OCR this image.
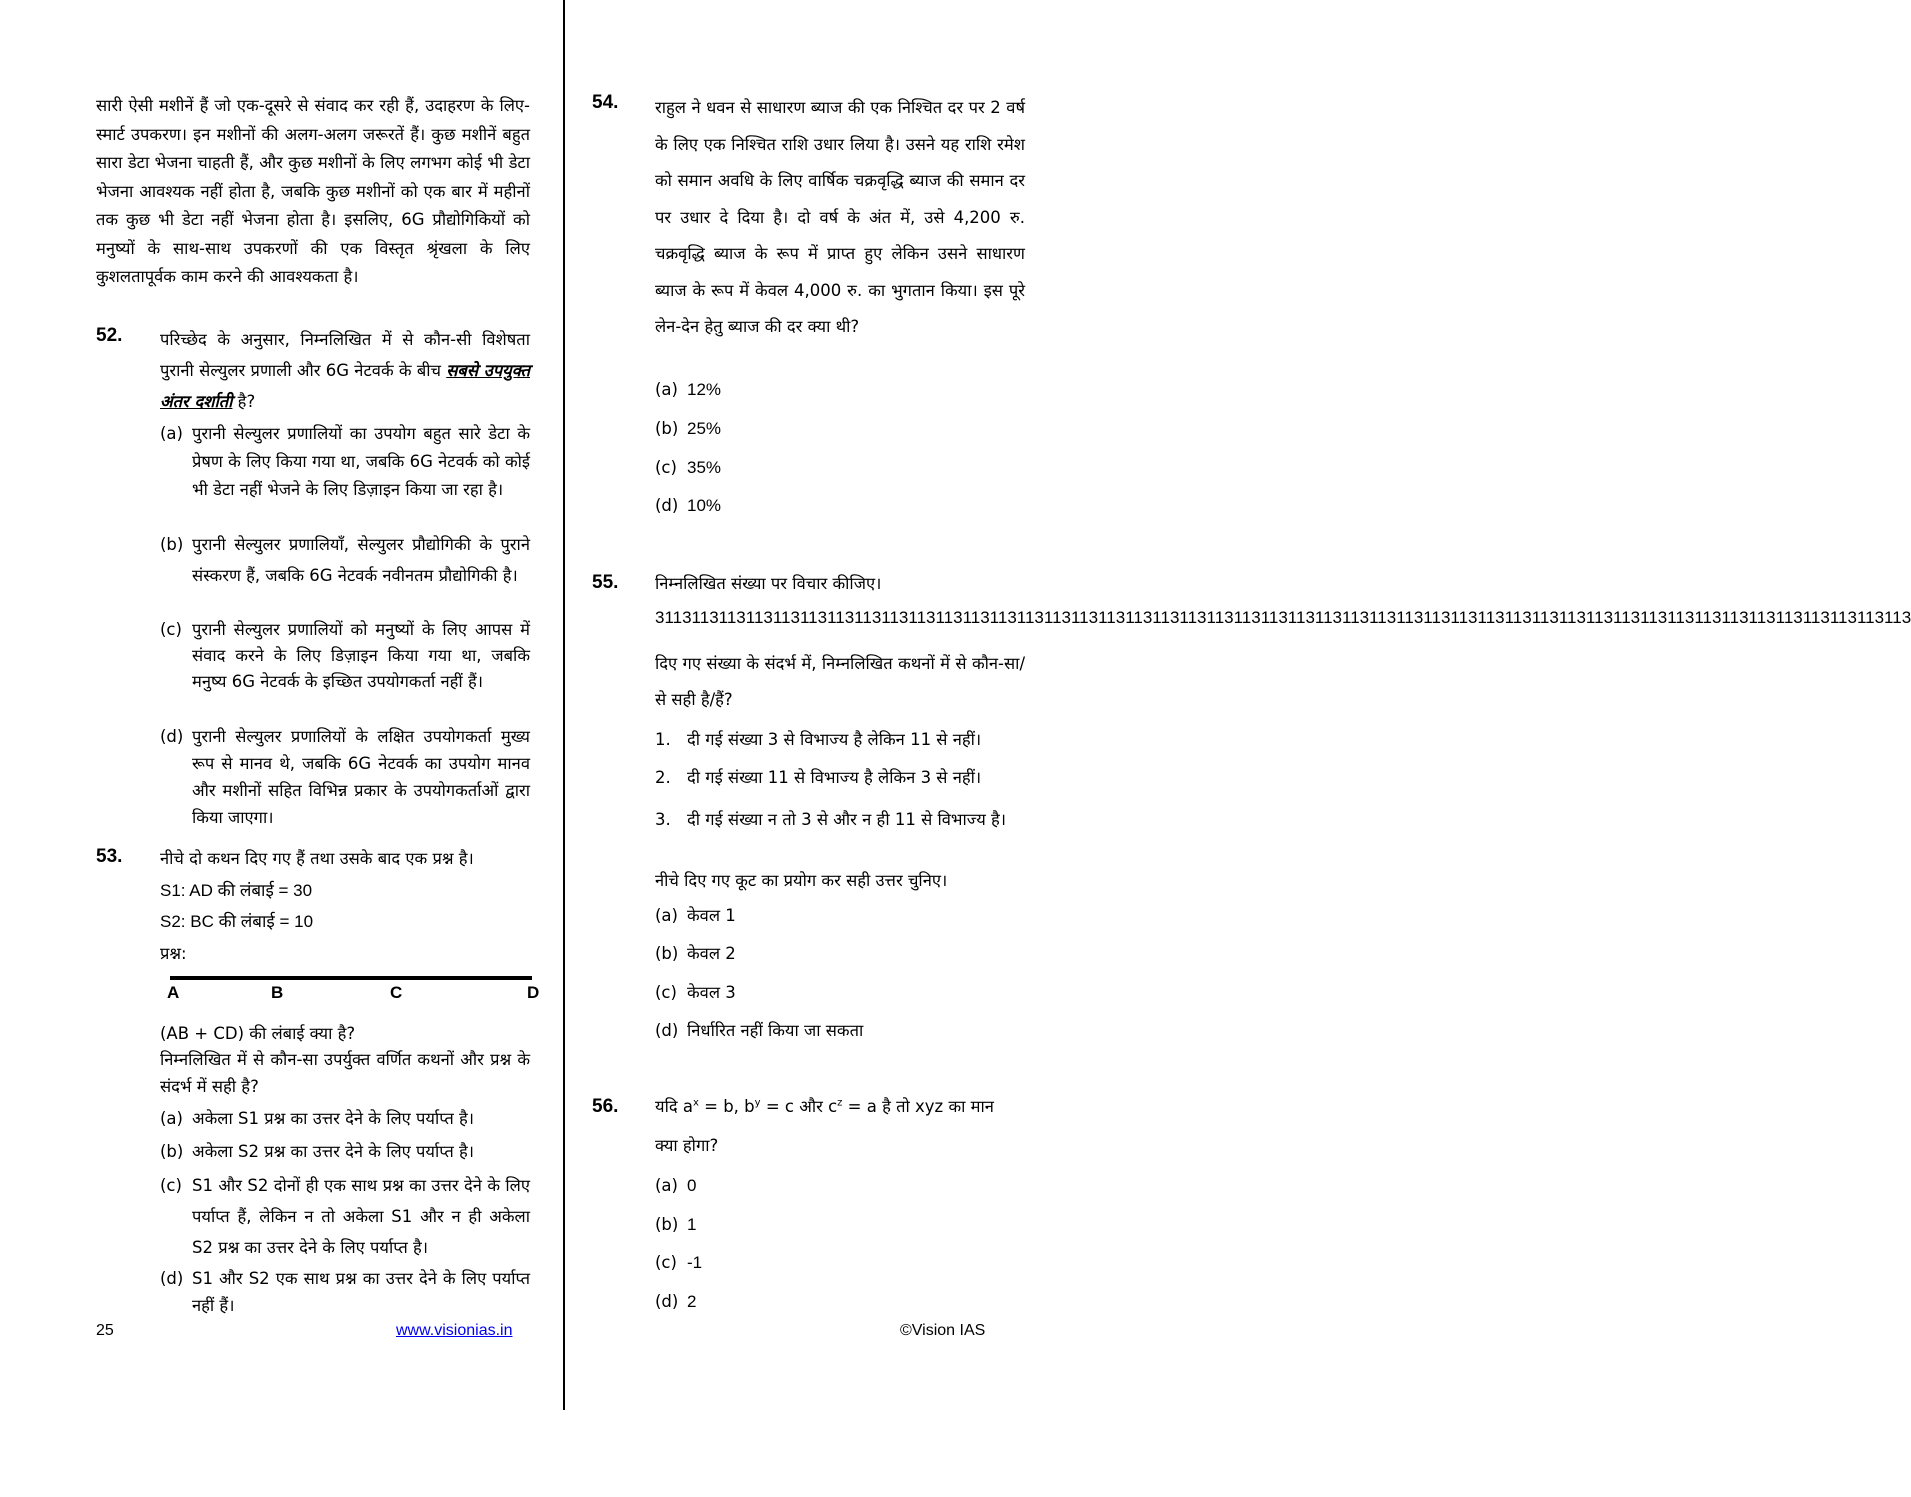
सारी ऐसी मशीनें हैं जो एक-दूसरे से संवाद कर रही हैं, उदाहरण के लिए- स्मार्ट उपकरण। इन मशीनों की अलग-अलग जरूरतें हैं। कुछ मशीनें बहुत सारा डेटा भेजना चाहती हैं, और कुछ मशीनों के लिए लगभग कोई भी डेटा भेजना आवश्यक नहीं होता है, जबकि कुछ मशीनों को एक बार में महीनों तक कुछ भी डेटा नहीं भेजना होता है। इसलिए, 6G प्रौद्योगिकियों को मनुष्यों के साथ-साथ उपकरणों की एक विस्तृत श्रृंखला के लिए कुशलतापूर्वक काम करने की आवश्यकता है।

52. परिच्छेद के अनुसार, निम्नलिखित में से कौन-सी विशेषता पुरानी सेल्युलर प्रणाली और 6G नेटवर्क के बीच सबसे उपयुक्त अंतर दर्शाती है?

(a) पुरानी सेल्युलर प्रणालियों का उपयोग बहुत सारे डेटा के प्रेषण के लिए किया गया था, जबकि 6G नेटवर्क को कोई भी डेटा नहीं भेजने के लिए डिज़ाइन किया जा रहा है।
(b) पुरानी सेल्युलर प्रणालियाँ, सेल्युलर प्रौद्योगिकी के पुराने संस्करण हैं, जबकि 6G नेटवर्क नवीनतम प्रौद्योगिकी है।
(c) पुरानी सेल्युलर प्रणालियों को मनुष्यों के लिए आपस में संवाद करने के लिए डिज़ाइन किया गया था, जबकि मनुष्य 6G नेटवर्क के इच्छित उपयोगकर्ता नहीं हैं।
(d) पुरानी सेल्युलर प्रणालियों के लक्षित उपयोगकर्ता मुख्य रूप से मानव थे, जबकि 6G नेटवर्क का उपयोग मानव और मशीनों सहित विभिन्न प्रकार के उपयोगकर्ताओं द्वारा किया जाएगा।
53. नीचे दो कथन दिए गए हैं तथा उसके बाद एक प्रश्न है।

S1: AD की लंबाई = 30

S2: BC की लंबाई = 10

प्रश्न:

A	B	C	D

(AB + CD) की लंबाई क्या है?

निम्नलिखित में से कौन-सा उपर्युक्त वर्णित कथनों और प्रश्न के संदर्भ में सही है?

(a) अकेला S1 प्रश्न का उत्तर देने के लिए पर्याप्त है।
(b) अकेला S2 प्रश्न का उत्तर देने के लिए पर्याप्त है।
(c) S1 और S2 दोनों ही एक साथ प्रश्न का उत्तर देने के लिए पर्याप्त हैं, लेकिन न तो अकेला S1 और न ही अकेला S2 प्रश्न का उत्तर देने के लिए पर्याप्त है।
(d) S1 और S2 एक साथ प्रश्न का उत्तर देने के लिए पर्याप्त नहीं हैं।
54. राहुल ने धवन से साधारण ब्याज की एक निश्चित दर पर 2 वर्ष के लिए एक निश्चित राशि उधार लिया है। उसने यह राशि रमेश को समान अवधि के लिए वार्षिक चक्रवृद्धि ब्याज की समान दर पर उधार दे दिया है। दो वर्ष के अंत में, उसे 4,200 रु. चक्रवृद्धि ब्याज के रूप में प्राप्त हुए लेकिन उसने साधारण ब्याज के रूप में केवल 4,000 रु. का भुगतान किया। इस पूरे लेन-देन हेतु ब्याज की दर क्या थी?

(a) 12%
(b) 25%
(c) 35%
(d) 10%
55. निम्नलिखित संख्या पर विचार कीजिए।

3113113113113113113113113113113113113113113113113113113113113113113113113113113113113113113113113113113113113113113113113113113113113113113

दिए गए संख्या के संदर्भ में, निम्नलिखित कथनों में से कौन-सा/से सही है/हैं?

1. दी गई संख्या 3 से विभाज्य है लेकिन 11 से नहीं।
2. दी गई संख्या 11 से विभाज्य है लेकिन 3 से नहीं।
3. दी गई संख्या न तो 3 से और न ही 11 से विभाज्य है।

नीचे दिए गए कूट का प्रयोग कर सही उत्तर चुनिए।

(a) केवल 1
(b) केवल 2
(c) केवल 3
(d) निर्धारित नहीं किया जा सकता
56. यदि $a^x = b$, $b^y = c$ और $c^z = a$ है तो xyz का मान

क्या होगा?

(a) 0
(b) 1
(c) -1
(d) 2
25	www.visionias.in	©Vision IAS
